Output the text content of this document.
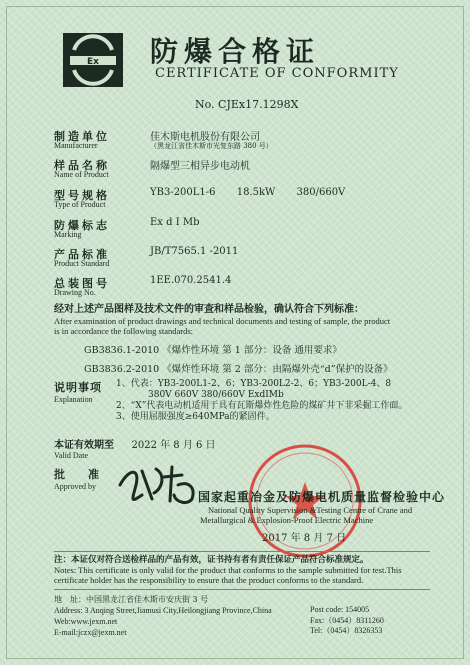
Ex 防爆合格证
CERTIFICATE OF CONFORMITY
No. CJEx17.1298X
制造单位
Manufacturer
佳木斯电机股份有限公司
（黑龙江省佳木斯市光复东路 380 号）
样品名称
Name of Product
隔爆型三相异步电动机
型号规格
Type of Product
YB3-200L1-6 18.5kW 380/660V
防爆标志
Marking
Ex d I Mb
产品标准
Product Standard
JB/T7565.1 -2011
总装图号
Drawing No.
1EE.070.2541.4
经对上述产品图样及技术文件的审查和样品检验，确认符合下列标准：
After examination of product drawings and technical documents and testing of sample, the product
is in accordance the following standards:
GB3836.1-2010 《爆炸性环境 第 1 部分：设备 通用要求》
GB3836.2-2010 《爆炸性环境 第 2 部分：由隔爆外壳“d”保护的设备》
说明事项
Explanation
1、代表：YB3-200L1-2、6；YB3-200L2-2、6；YB3-200L-4、8
380V 660V 380/660V ExdIMb
2、“X”代表电动机适用于具有瓦斯爆炸性危险的煤矿井下非采掘工作面。
3、使用屈服强度≥640MPa的紧固件。
本证有效期至 2022 年 8 月 6 日
Valid Date
批　准
Approved by
国家起重冶金及防爆电机质量监督检验中心
National Quality Supervision &Testing Centre of Crane and
Metallurgical & Explosion-Proof Electric Machine
2017 年 8 月 7 日
注：本证仅对符合送检样品的产品有效，证书持有者有责任保证产品符合标准规定。
Notes: This certificate is only valid for the product that conforms to the sample submitted for test.This
certificate holder has the responsibility to ensure that the product conforms to the standard.
地　址：中国黑龙江省佳木斯市安庆街 3 号
Address: 3 Anqing Street,Jiamusi City,Heilongjiang Province,China
Web:www.jexm.net
E-mail:jczx@jexm.net
Post code: 154005
Fax:（0454）8311260
Tel:（0454）8326353
